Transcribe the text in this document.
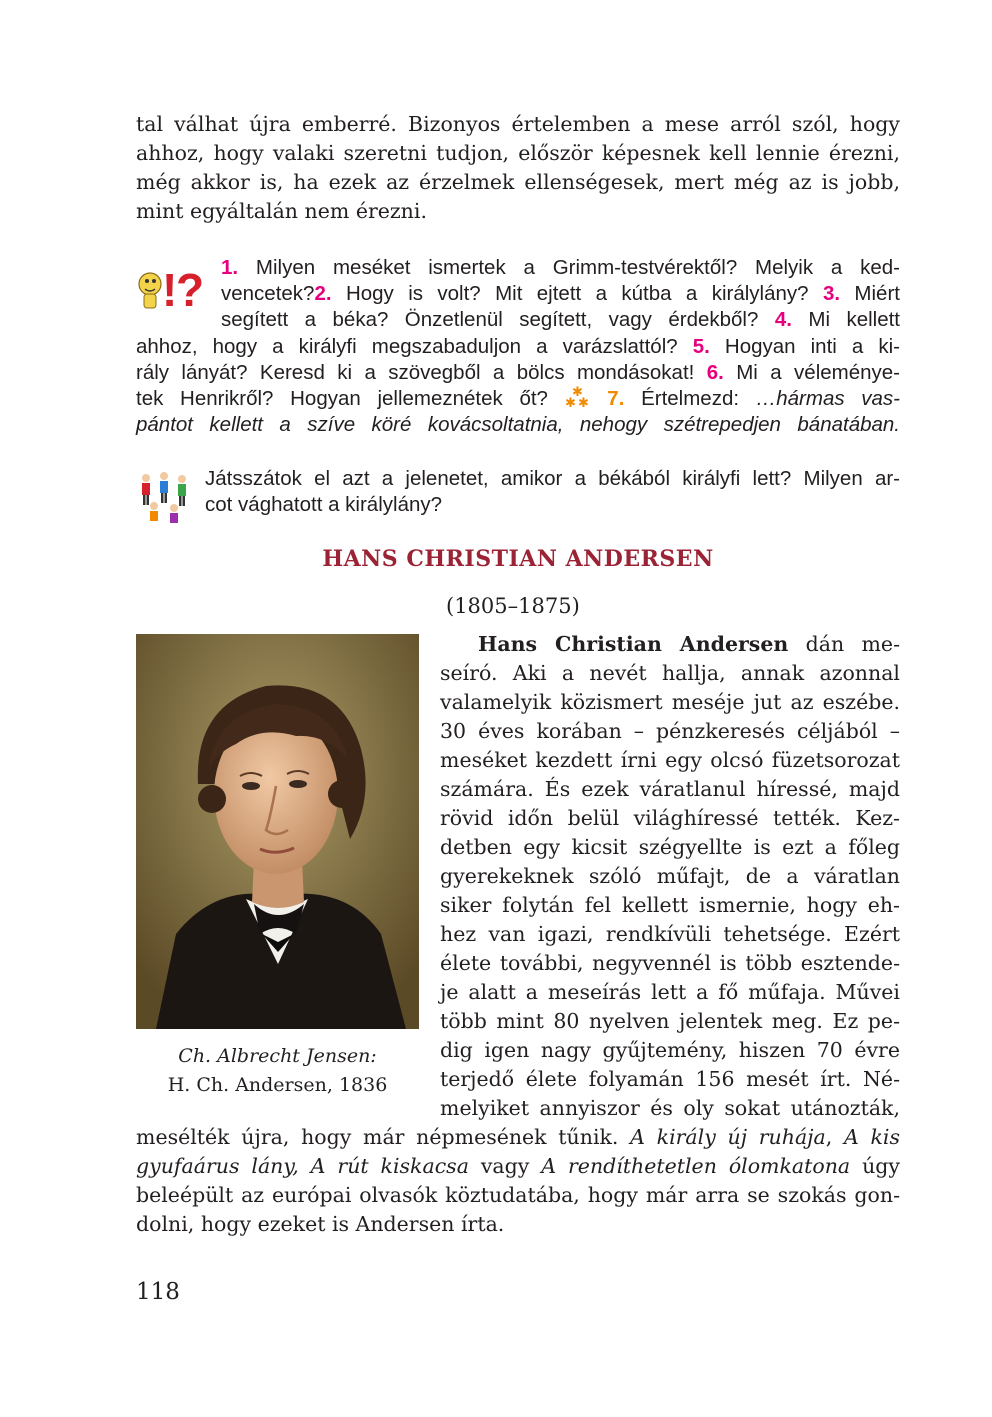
tal válhat újra emberré. Bizonyos értelemben a mese arról szól, hogy
ahhoz, hogy valaki szeretni tudjon, először képesnek kell lennie érezni,
még akkor is, ha ezek az érzelmek ellenségesek, mert még az is jobb,
mint egyáltalán nem érezni.
!
? 1. Milyen meséket ismertek a Grimm-testvérektől? Melyik a ked-
vencetek?2. Hogy is volt? Mit ejtett a kútba a királylány? 3. Miért
segített a béka? Önzetlenül segített, vagy érdekből? 4. Mi kellett
ahhoz, hogy a királyfi megszabaduljon a varázslattól? 5. Hogyan inti a ki-
rály lányát? Keresd ki a szövegből a bölcs mondásokat! 6. Mi a véleménye-
tek Henrikről? Hogyan jellemeznétek őt? ✱
✱ ✱ 7. Értelmezd: …hármas vas-
pántot kellett a szíve köré kovácsoltatnia, nehogy szétrepedjen bánatában.
Játsszátok el azt a jelenetet, amikor a békából királyfi lett? Milyen ar-
cot vághatott a királylány?
HANS CHRISTIAN ANDERSEN
(1805–1875)
Ch. Albrecht Jensen:
H. Ch. Andersen, 1836
Hans Christian Andersen dán me-
seíró. Aki a nevét hallja, annak azonnal
valamelyik közismert meséje jut az eszébe.
30 éves korában – pénzkeresés céljából –
meséket kezdett írni egy olcsó füzetsorozat
számára. És ezek váratlanul híressé, majd
rövid időn belül világhíressé tették. Kez-
detben egy kicsit szégyellte is ezt a főleg
gyerekeknek szóló műfajt, de a váratlan
siker folytán fel kellett ismernie, hogy eh-
hez van igazi, rendkívüli tehetsége. Ezért
élete további, negyvennél is több esztende-
je alatt a meseírás lett a fő műfaja. Művei
több mint 80 nyelven jelentek meg. Ez pe-
dig igen nagy gyűjtemény, hiszen 70 évre
terjedő élete folyamán 156 mesét írt. Né-
melyiket annyiszor és oly sokat utánozták,
mesélték újra, hogy már népmesének tűnik. A király új ruhája, A kis
gyufaárus lány, A rút kiskacsa vagy A rendíthetetlen ólomkatona úgy
beleépült az európai olvasók köztudatába, hogy már arra se szokás gon-
dolni, hogy ezeket is Andersen írta.
118
